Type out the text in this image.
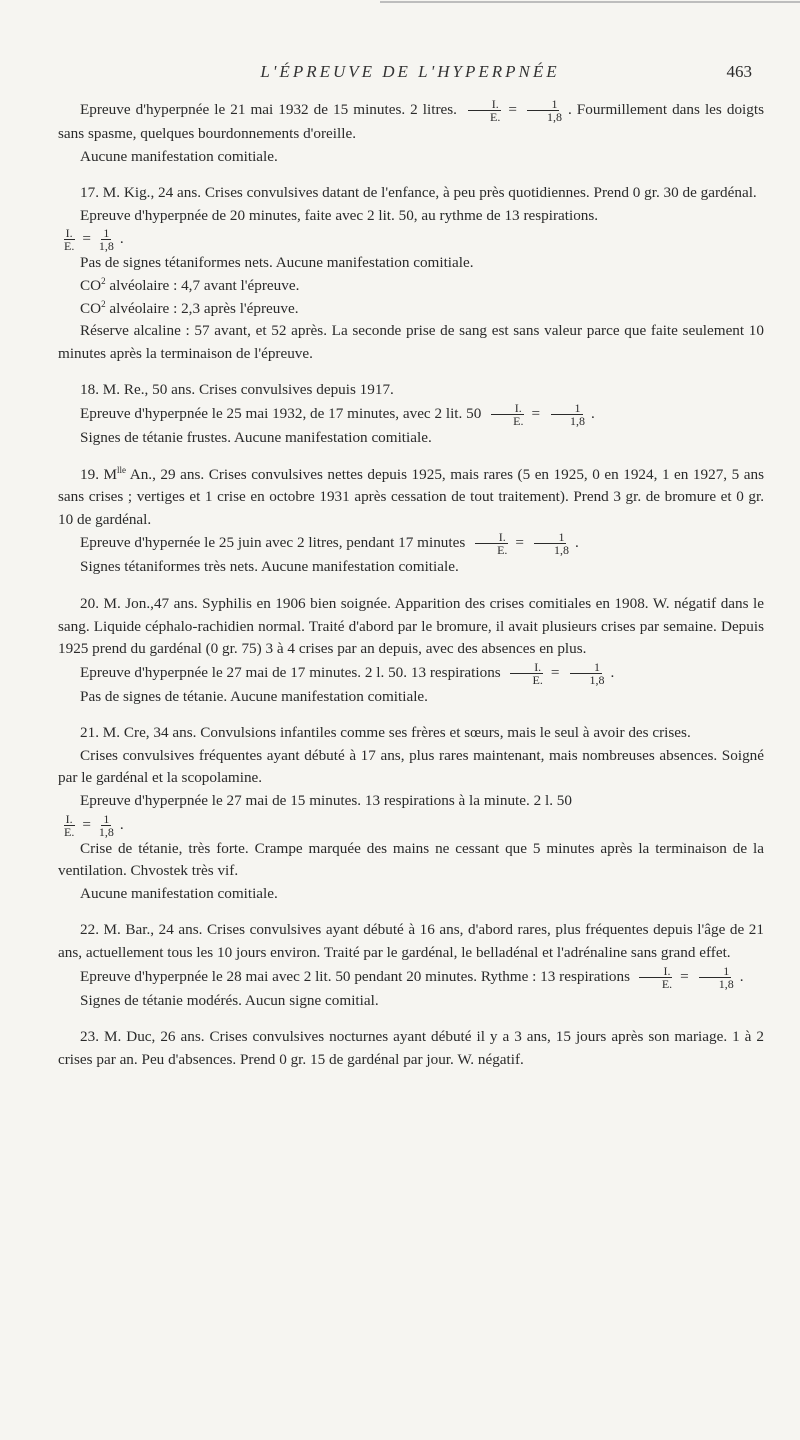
L'ÉPREUVE DE L'HYPERPNÉE	463

Epreuve d'hyperpnée le 21 mai 1932 de 15 minutes. 2 litres. $\frac{I.}{E.} = \frac{1}{1,8}$ . Fourmillement dans les doigts sans spasme, quelques bourdonnements d'oreille.

Aucune manifestation comitiale.

17. M. Kig., 24 ans. Crises convulsives datant de l'enfance, à peu près quotidiennes. Prend 0 gr. 30 de gardénal.

Epreuve d'hyperpnée de 20 minutes, faite avec 2 lit. 50, au rythme de 13 respirations.

$\frac{I.}{E.} = \frac{1}{1,8}$ .

Pas de signes tétaniformes nets. Aucune manifestation comitiale.

$CO^2$ alvéolaire : 4,7 avant l'épreuve.

$CO^2$ alvéolaire : 2,3 après l'épreuve.

Réserve alcaline : 57 avant, et 52 après. La seconde prise de sang est sans valeur parce que faite seulement 10 minutes après la terminaison de l'épreuve.

18. M. Re., 50 ans. Crises convulsives depuis 1917.

Epreuve d'hyperpnée le 25 mai 1932, de 17 minutes, avec 2 lit. $50 \frac{I.}{E.} = \frac{1}{1,8}$ .

Signes de tétanie frustes. Aucune manifestation comitiale.

19. $M^{lle}$ An., 29 ans. Crises convulsives nettes depuis 1925, mais rares (5 en 1925, 0 en 1924, 1 en 1927, 5 ans sans crises ; vertiges et 1 crise en octobre 1931 après cessation de tout traitement). Prend 3 gr. de bromure et 0 gr. 10 de gardénal.

Epreuve d'hypernée le 25 juin avec 2 litres, pendant 17 minutes $\frac{I.}{E.} = \frac{1}{1,8}$ .

Signes tétaniformes très nets. Aucune manifestation comitiale.

20. M. Jon.,47 ans. Syphilis en 1906 bien soignée. Apparition des crises comitiales en 1908. W. négatif dans le sang. Liquide céphalo-rachidien normal. Traité d'abord par le bromure, il avait plusieurs crises par semaine. Depuis 1925 prend du gardénal (0 gr. 75) 3 à 4 crises par an depuis, avec des absences en plus.

Epreuve d'hyperpnée le 27 mai de 17 minutes. 2 l. 50. 13 respirations $\frac{I.}{E.} = \frac{1}{1,8}$ .

Pas de signes de tétanie. Aucune manifestation comitiale.

21. M. Cre, 34 ans. Convulsions infantiles comme ses frères et sœurs, mais le seul à avoir des crises.

Crises convulsives fréquentes ayant débuté à 17 ans, plus rares maintenant, mais nombreuses absences. Soigné par le gardénal et la scopolamine.

Epreuve d'hyperpnée le 27 mai de 15 minutes. 13 respirations à la minute. 2 l. 50

$\frac{I.}{E.} = \frac{1}{1,8}$ .

Crise de tétanie, très forte. Crampe marquée des mains ne cessant que 5 minutes après la terminaison de la ventilation. Chvostek très vif.

Aucune manifestation comitiale.

22. M. Bar., 24 ans. Crises convulsives ayant débuté à 16 ans, d'abord rares, plus fréquentes depuis l'âge de 21 ans, actuellement tous les 10 jours environ. Traité par le gardénal, le belladénal et l'adrénaline sans grand effet.

Epreuve d'hyperpnée le 28 mai avec 2 lit. 50 pendant 20 minutes. Rythme : 13 respirations $\frac{I.}{E.} = \frac{1}{1,8}$ .

Signes de tétanie modérés. Aucun signe comitial.

23. M. Duc, 26 ans. Crises convulsives nocturnes ayant débuté il y a 3 ans, 15 jours après son mariage. 1 à 2 crises par an. Peu d'absences. Prend 0 gr. 15 de gardénal par jour. W. négatif.
